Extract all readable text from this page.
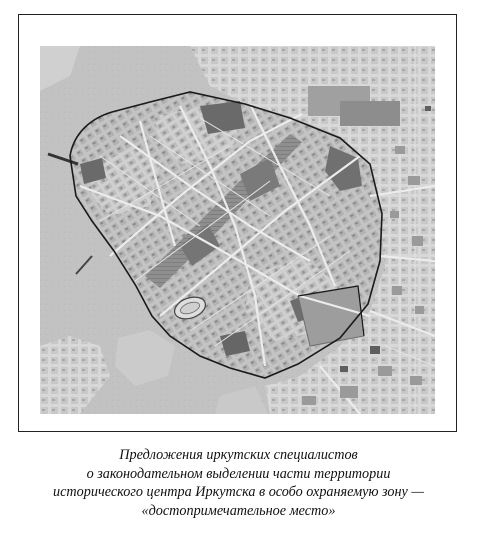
Предложения иркутских специалистов
о законодательном выделении части территории
исторического центра Иркутска в особо охраняемую зону —
«достопримечательное место»
